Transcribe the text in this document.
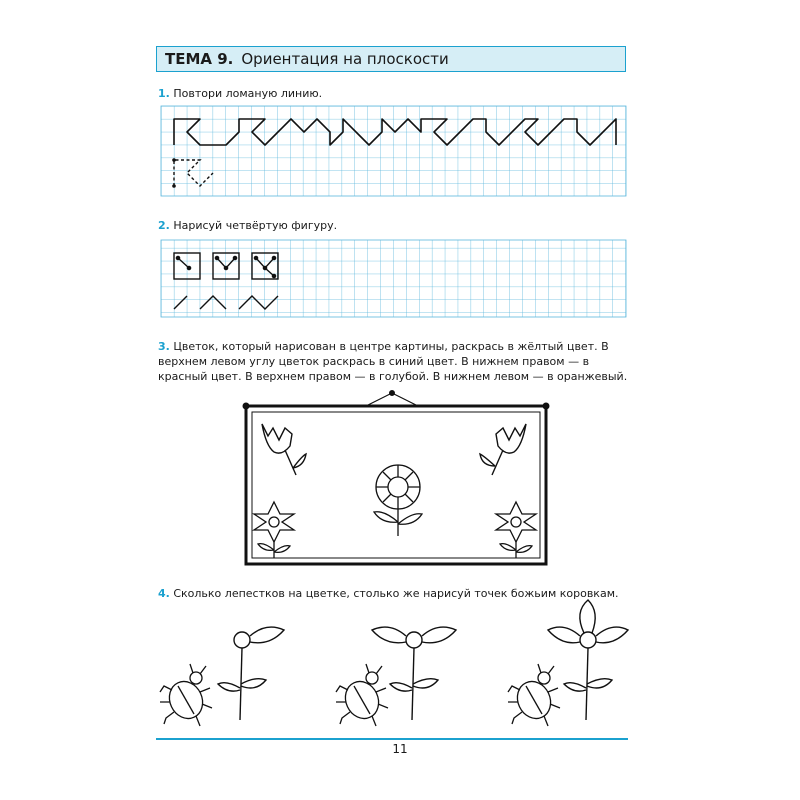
ТЕМА 9. Ориентация на плоскости
1. Повтори ломаную линию.
2. Нарисуй четвёртую фигуру.
3. Цветок, который нарисован в центре картины, раскрась в жёлтый цвет. В верхнем левом углу цветок раскрась в синий цвет. В нижнем правом — в красный цвет. В верхнем правом — в голубой. В нижнем левом — в оранжевый.
4. Сколько лепестков на цветке, столько же нарисуй точек божьим коровкам.
11
